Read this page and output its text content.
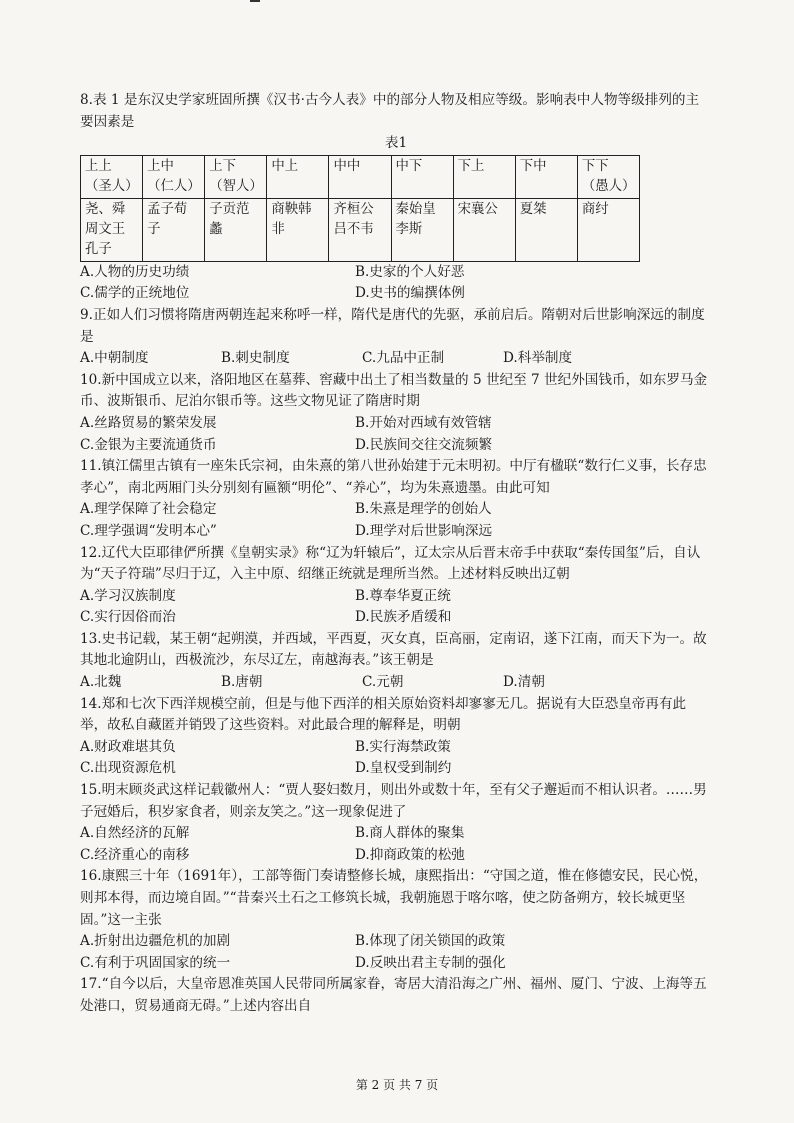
8.表 1 是东汉史学家班固所撰《汉书·古今人表》中的部分人物及相应等级。影响表中人物等级排列的主要因素是

表1

上上（圣人）	上中（仁人）	上下（智人）	中上	中中	中下	下上	下中	下下（愚人）
尧、舜周文王孔子	孟子荀子	子贡范蠡	商鞅韩非	齐桓公吕不韦	秦始皇李斯	宋襄公	夏桀	商纣
A.人物的历史功绩	B.史家的个人好恶
C.儒学的正统地位	D.史书的编撰体例

9.正如人们习惯将隋唐两朝连起来称呼一样，隋代是唐代的先驱，承前启后。隋朝对后世影响深远的制度是

A.中朝制度	B.刺史制度	C.九品中正制	D.科举制度

10.新中国成立以来，洛阳地区在墓葬、窖藏中出土了相当数量的 5 世纪至 7 世纪外国钱币，如东罗马金币、波斯银币、尼泊尔银币等。这些文物见证了隋唐时期

A.丝路贸易的繁荣发展	B.开始对西域有效管辖
C.金银为主要流通货币	D.民族间交往交流频繁

11.镇江儒里古镇有一座朱氏宗祠，由朱熹的第八世孙始建于元末明初。中厅有楹联“数行仁义事，长存忠孝心”，南北两厢门头分别刻有匾额“明伦”、“养心”，均为朱熹遗墨。由此可知

A.理学保障了社会稳定	B.朱熹是理学的创始人
C.理学强调“发明本心”	D.理学对后世影响深远

12.辽代大臣耶律俨所撰《皇朝实录》称“辽为轩辕后”，辽太宗从后晋末帝手中获取“秦传国玺”后，自认为“天子符瑞”尽归于辽，入主中原、绍继正统就是理所当然。上述材料反映出辽朝

A.学习汉族制度	B.尊奉华夏正统
C.实行因俗而治	D.民族矛盾缓和

13.史书记载，某王朝“起朔漠，并西域，平西夏，灭女真，臣高丽，定南诏，遂下江南，而天下为一。故其地北逾阴山，西极流沙，东尽辽左，南越海表。”该王朝是

A.北魏	B.唐朝	C.元朝	D.清朝

14.郑和七次下西洋规模空前，但是与他下西洋的相关原始资料却寥寥无几。据说有大臣恐皇帝再有此举，故私自藏匿并销毁了这些资料。对此最合理的解释是，明朝

A.财政难堪其负	B.实行海禁政策
C.出现资源危机	D.皇权受到制约

15.明末顾炎武这样记载徽州人：“贾人娶妇数月，则出外或数十年，至有父子邂逅而不相认识者。……男子冠婚后，积岁家食者，则亲友笑之。”这一现象促进了

A.自然经济的瓦解	B.商人群体的聚集
C.经济重心的南移	D.抑商政策的松弛

16.康熙三十年（1691年），工部等衙门奏请整修长城，康熙指出：“守国之道，惟在修德安民，民心悦，则邦本得，而边境自固。”“昔秦兴土石之工修筑长城，我朝施恩于喀尔喀，使之防备朔方，较长城更坚固。”这一主张

A.折射出边疆危机的加剧	B.体现了闭关锁国的政策
C.有利于巩固国家的统一	D.反映出君主专制的强化

17.“自今以后，大皇帝恩准英国人民带同所属家眷，寄居大清沿海之广州、福州、厦门、宁波、上海等五处港口，贸易通商无碍。”上述内容出自

第 2 页 共 7 页
